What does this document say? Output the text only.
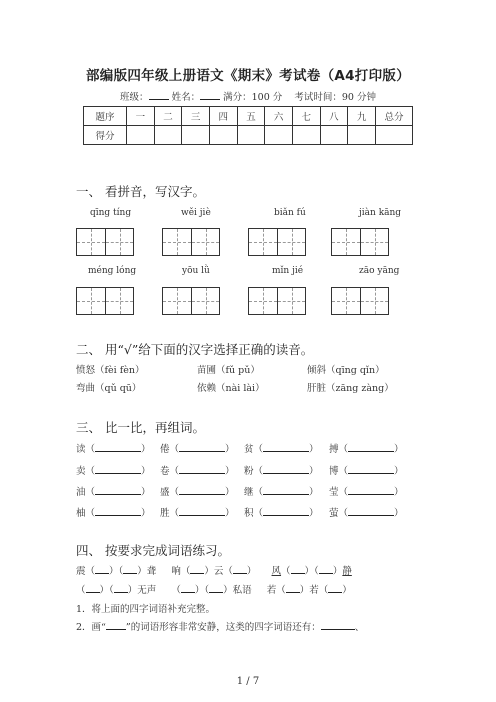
部编版四年级上册语文《期末》考试卷（A4打印版）
班级： 姓名： 满分：100 分 考试时间：90 分钟
题序	一	二	三	四	五	六	七	八	九	总分
得分										
一、 看拼音，写汉字。
qīng tíng	wěi jiè	biǎn fú	jiàn kāng
méng lóng	yōu lǜ	mǐn jié	zāo yāng
二、 用“√”给下面的汉字选择正确的读音。
愤怒（fèi fèn）	苗圃（fǔ pǔ）	倾斜（qīng qǐn）
弯曲（qǔ qū）	依赖（nài lài）	肝脏（zāng zàng）
三、 比一比，再组词。
读（	） 倦（	） 贫（	） 搏（	）
卖（	） 卷（	） 粉（	） 博（	）
油（	） 盛（	） 继（	） 莹（	）
柚（	） 胜（	） 积（	） 萤（	）
四、 按要求完成词语练习。
震（ ）（ ）聋     响（ ）云（ ）     风（ ）（ ）静
（ ）（ ）无声     （ ）（ ）私语     若（ ）若（ ）
1．将上面的四字词语补充完整。
2．画“ ”的词语形容非常安静，这类的四字词语还有：	、
1 / 7
